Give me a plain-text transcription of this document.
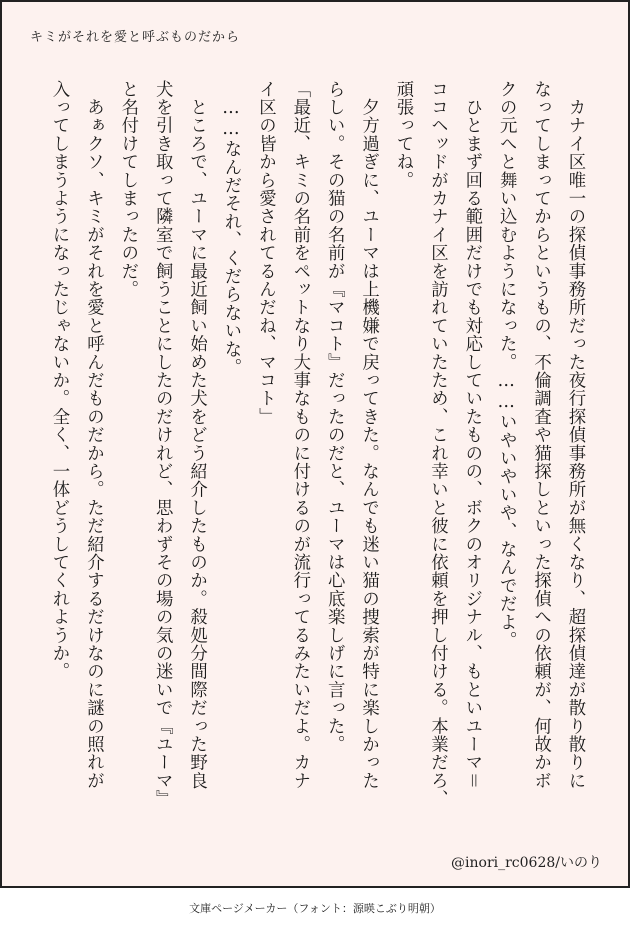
キミがそれを愛と呼ぶものだから
　カナイ区唯一の探偵事務所だった夜行探偵事務所が無くなり、超探偵達が散り散りに
なってしまってからというもの、不倫調査や猫探しといった探偵への依頼が、何故かボ
クの元へと舞い込むようになった。……いやいやいや、なんでだよ。
　ひとまず回る範囲だけでも対応していたものの、ボクのオリジナル、もといユーマ＝
ココヘッドがカナイ区を訪れていたため、これ幸いと彼に依頼を押し付ける。本業だろ、
頑張ってね。
　夕方過ぎに、ユーマは上機嫌で戻ってきた。なんでも迷い猫の捜索が特に楽しかった
らしい。その猫の名前が『マコト』だったのだと、ユーマは心底楽しげに言った。
「最近、キミの名前をペットなり大事なものに付けるのが流行ってるみたいだよ。カナ
イ区の皆から愛されてるんだね、マコト」
　……なんだそれ、くだらないな。
　ところで、ユーマに最近飼い始めた犬をどう紹介したものか。殺処分間際だった野良
犬を引き取って隣室で飼うことにしたのだけれど、思わずその場の気の迷いで『ユーマ』
と名付けてしまったのだ。
　あぁクソ、キミがそれを愛と呼んだものだから。ただ紹介するだけなのに謎の照れが
入ってしまうようになったじゃないか。全く、一体どうしてくれようか。
@inori_rc0628/いのり
文庫ページメーカー（フォント：源暎こぶり明朝）
